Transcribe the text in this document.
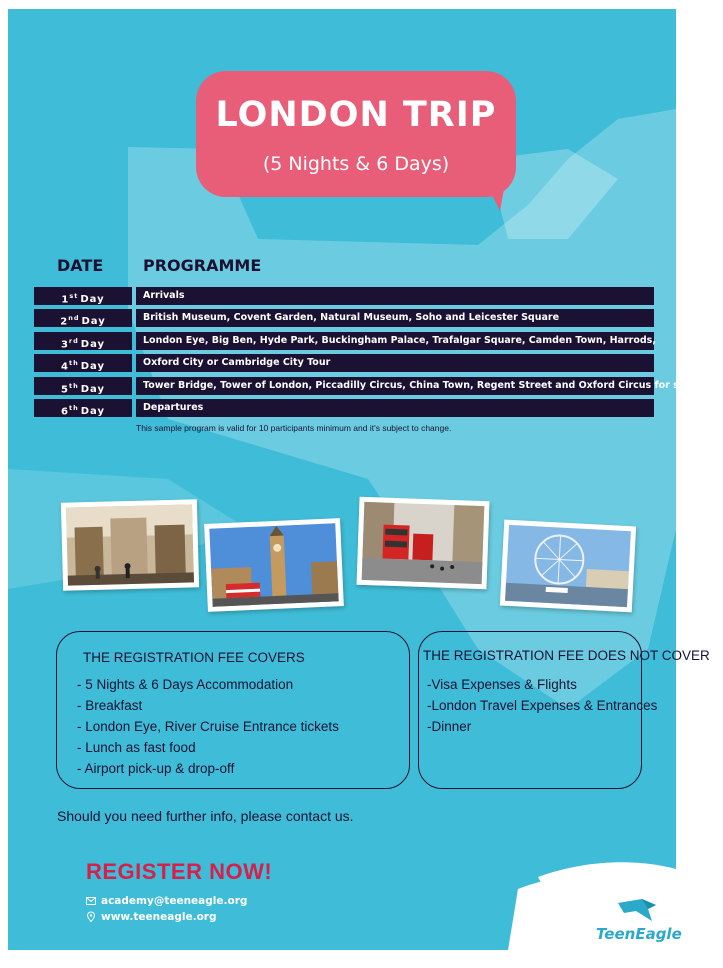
LONDON TRIP
(5 Nights & 6 Days)
DATE PROGRAMME
1st Day	Arrivals
2nd Day	British Museum, Covent Garden, Natural Museum, Soho and Leicester Square
3rd Day	London Eye, Big Ben, Hyde Park, Buckingham Palace, Trafalgar Square, Camden Town, Harrods,
4th Day	Oxford City or Cambridge City Tour
5th Day	Tower Bridge, Tower of London, Piccadilly Circus, China Town, Regent Street and Oxford Circus for shopping
6th Day	Departures
This sample program is valid for 10 participants minimum and it's subject to change.
THE REGISTRATION FEE COVERS
- 5 Nights & 6 Days Accommodation
- Breakfast
- London Eye, River Cruise Entrance tickets
- Lunch as fast food
- Airport pick-up & drop-off
THE REGISTRATION FEE DOES NOT COVER
-Visa Expenses & Flights
-London Travel Expenses & Entrances
-Dinner
Should you need further info, please contact us.
REGISTER NOW!
academy@teeneagle.org
www.teeneagle.org
TeenEagle
